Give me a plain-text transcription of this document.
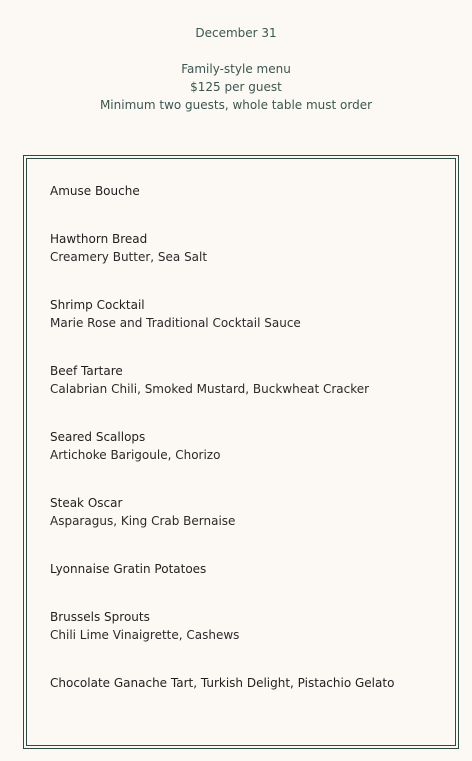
December 31
Family-style menu
$125 per guest
Minimum two guests, whole table must order
Amuse Bouche
Hawthorn Bread
Creamery Butter, Sea Salt
Shrimp Cocktail
Marie Rose and Traditional Cocktail Sauce
Beef Tartare
Calabrian Chili, Smoked Mustard, Buckwheat Cracker
Seared Scallops
Artichoke Barigoule, Chorizo
Steak Oscar
Asparagus, King Crab Bernaise
Lyonnaise Gratin Potatoes
Brussels Sprouts
Chili Lime Vinaigrette, Cashews
Chocolate Ganache Tart, Turkish Delight, Pistachio Gelato
